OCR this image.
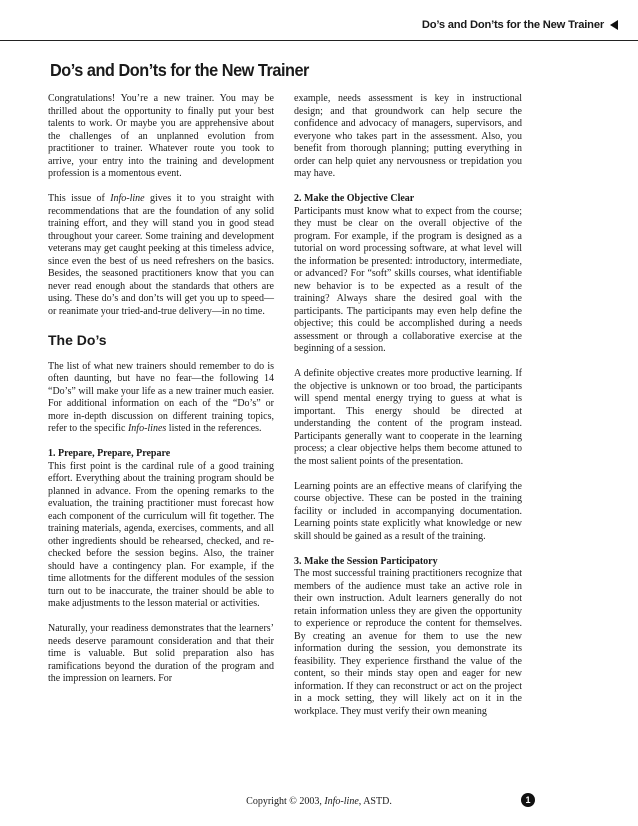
Do’s and Don’ts for the New Trainer
Do’s and Don’ts for the New Trainer

Congratulations! You’re a new trainer. You may be thrilled about the opportunity to finally put your best talents to work. Or maybe you are apprehensive about the challenges of an unplanned evolution from practitioner to trainer. Whatever route you took to arrive, your entry into the training and development profession is a momentous event.

This issue of Info-line gives it to you straight with recommendations that are the foundation of any solid training effort, and they will stand you in good stead throughout your career. Some training and development veterans may get caught peeking at this timeless advice, since even the best of us need refreshers on the basics. Besides, the seasoned practitioners know that you can never read enough about the standards that others are using. These do’s and don’ts will get you up to speed—or reanimate your tried-and-true delivery—in no time.

The Do’s

The list of what new trainers should remember to do is often daunting, but have no fear—the following 14 “Do’s” will make your life as a new trainer much easier. For additional information on each of the “Do’s” or more in-depth discussion on different training topics, refer to the specific Info-lines listed in the references.

1. Prepare, Prepare, Prepare

This first point is the cardinal rule of a good training effort. Everything about the training program should be planned in advance. From the opening remarks to the evaluation, the training practitioner must forecast how each component of the curriculum will fit together. The training materials, agenda, exercises, comments, and all other ingredients should be rehearsed, checked, and re-checked before the session begins. Also, the trainer should have a contingency plan. For example, if the time allotments for the different modules of the session turn out to be inaccurate, the trainer should be able to make adjustments to the lesson material or activities.

Naturally, your readiness demonstrates that the learners’ needs deserve paramount consideration and that their time is valuable. But solid preparation also has ramifications beyond the duration of the program and the impression on learners. For

example, needs assessment is key in instructional design; and that groundwork can help secure the confidence and advocacy of managers, supervisors, and everyone who takes part in the assessment. Also, you benefit from thorough planning; putting everything in order can help quiet any nervousness or trepidation you may have.

2. Make the Objective Clear

Participants must know what to expect from the course; they must be clear on the overall objective of the program. For example, if the program is designed as a tutorial on word processing software, at what level will the information be presented: introductory, intermediate, or advanced? For “soft” skills courses, what identifiable new behavior is to be expected as a result of the training? Always share the desired goal with the participants. The participants may even help define the objective; this could be accomplished during a needs assessment or through a collaborative exercise at the beginning of a session.

A definite objective creates more productive learning. If the objective is unknown or too broad, the participants will spend mental energy trying to guess at what is important. This energy should be directed at understanding the content of the program instead. Participants generally want to cooperate in the learning process; a clear objective helps them become attuned to the most salient points of the presentation.

Learning points are an effective means of clarifying the course objective. These can be posted in the training facility or included in accompanying documentation. Learning points state explicitly what knowledge or new skill should be gained as a result of the training.

3. Make the Session Participatory

The most successful training practitioners recognize that members of the audience must take an active role in their own instruction. Adult learners generally do not retain information unless they are given the opportunity to experience or reproduce the content for themselves. By creating an avenue for them to use the new information during the session, you demonstrate its feasibility. They experience firsthand the value of the content, so their minds stay open and eager for new information. If they can reconstruct or act on the project in a mock setting, they will likely act on it in the workplace. They must verify their own meaning

Copyright © 2003, Info-line, ASTD.	1
